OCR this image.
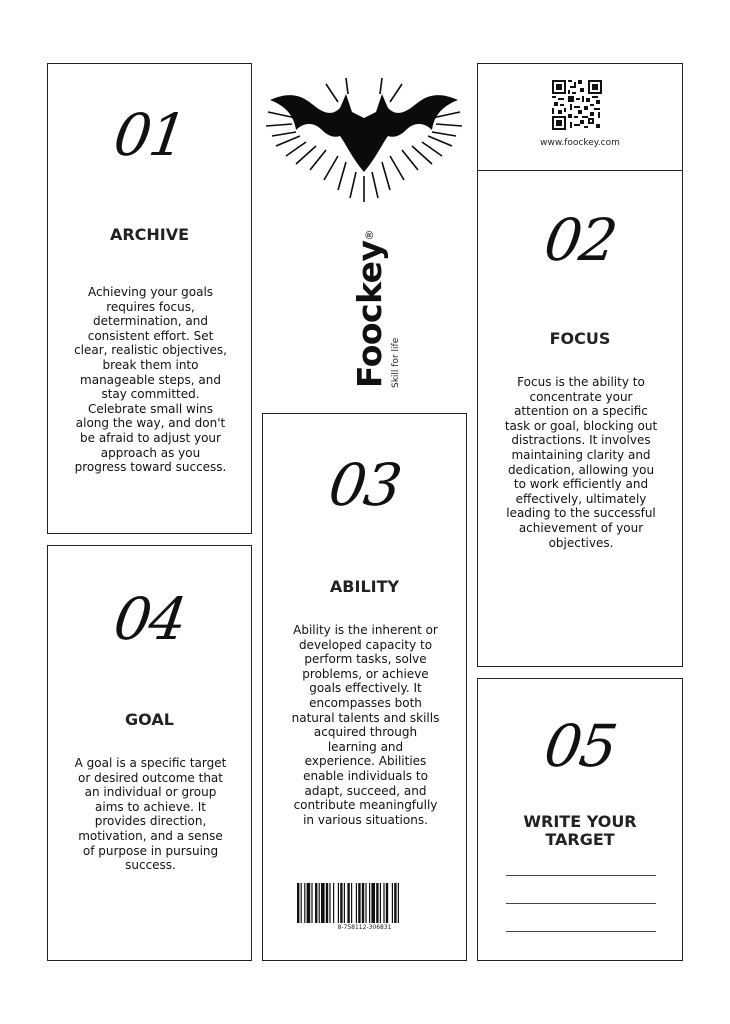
01
ARCHIVE
Achieving your goals requires focus, determination, and consistent effort. Set clear, realistic objectives, break them into manageable steps, and stay committed. Celebrate small wins along the way, and don't be afraid to adjust your approach as you progress toward success.
Foockey®
Skill for life
www.foockey.com
02
FOCUS
Focus is the ability to concentrate your attention on a specific task or goal, blocking out distractions. It involves maintaining clarity and dedication, allowing you to work efficiently and effectively, ultimately leading to the successful achievement of your objectives.
03
ABILITY
Ability is the inherent or developed capacity to perform tasks, solve problems, or achieve goals effectively. It encompasses both natural talents and skills acquired through learning and experience. Abilities enable individuals to adapt, succeed, and contribute meaningfully in various situations.
8-758112-306831
04
GOAL
A goal is a specific target or desired outcome that an individual or group aims to achieve. It provides direction, motivation, and a sense of purpose in pursuing success.
05
WRITE YOUR TARGET
